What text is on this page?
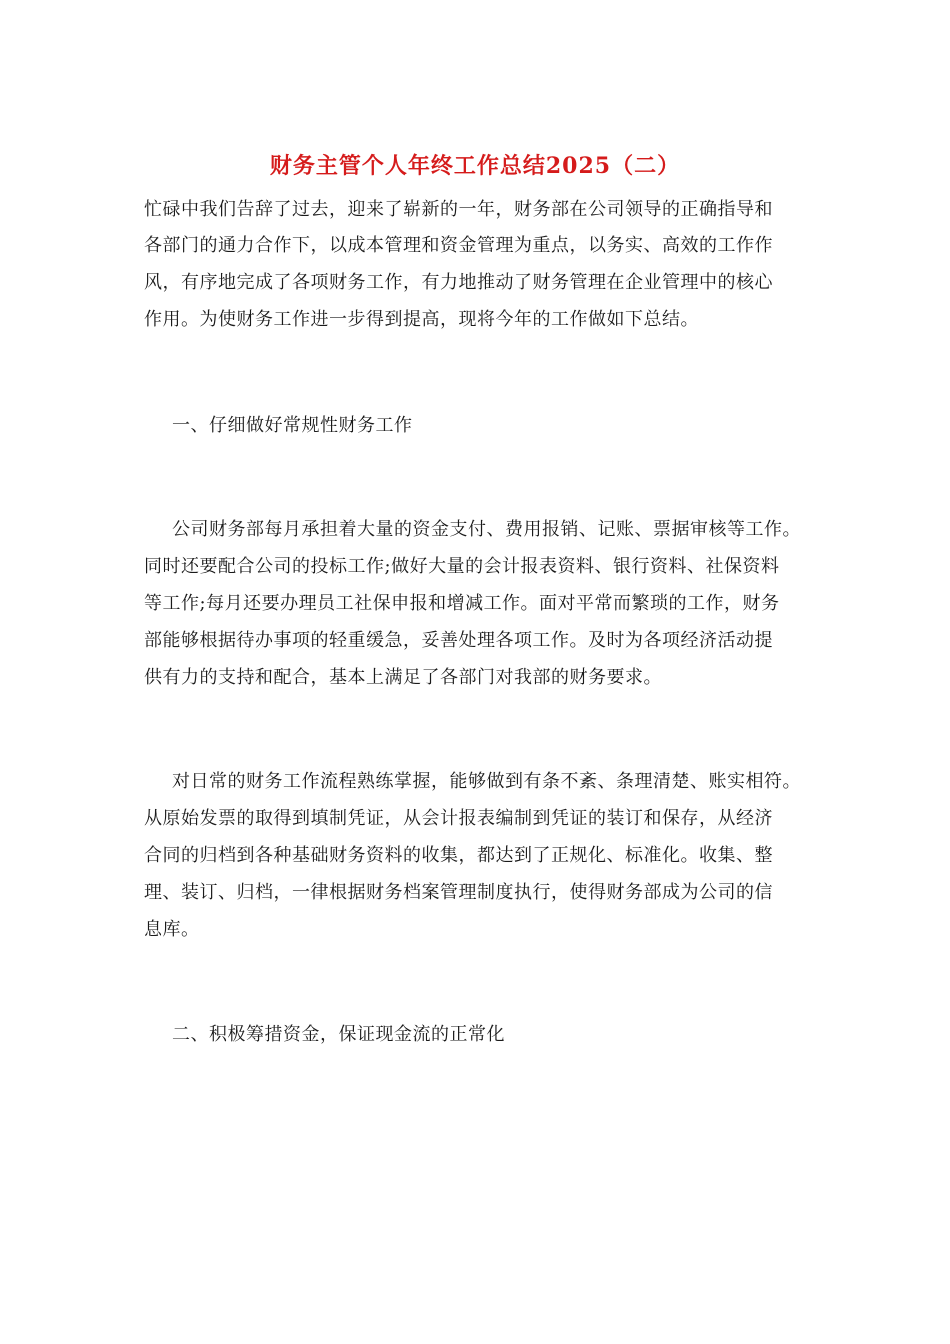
财务主管个人年终工作总结2025（二）
忙碌中我们告辞了过去，迎来了崭新的一年，财务部在公司领导的正确指导和
各部门的通力合作下，以成本管理和资金管理为重点，以务实、高效的工作作
风，有序地完成了各项财务工作，有力地推动了财务管理在企业管理中的核心
作用。为使财务工作进一步得到提高，现将今年的工作做如下总结。
一、仔细做好常规性财务工作
公司财务部每月承担着大量的资金支付、费用报销、记账、票据审核等工作。
同时还要配合公司的投标工作;做好大量的会计报表资料、银行资料、社保资料
等工作;每月还要办理员工社保申报和增减工作。面对平常而繁琐的工作，财务
部能够根据待办事项的轻重缓急，妥善处理各项工作。及时为各项经济活动提
供有力的支持和配合，基本上满足了各部门对我部的财务要求。
对日常的财务工作流程熟练掌握，能够做到有条不紊、条理清楚、账实相符。
从原始发票的取得到填制凭证，从会计报表编制到凭证的装订和保存，从经济
合同的归档到各种基础财务资料的收集，都达到了正规化、标准化。收集、整
理、装订、归档，一律根据财务档案管理制度执行，使得财务部成为公司的信
息库。
二、积极筹措资金，保证现金流的正常化
